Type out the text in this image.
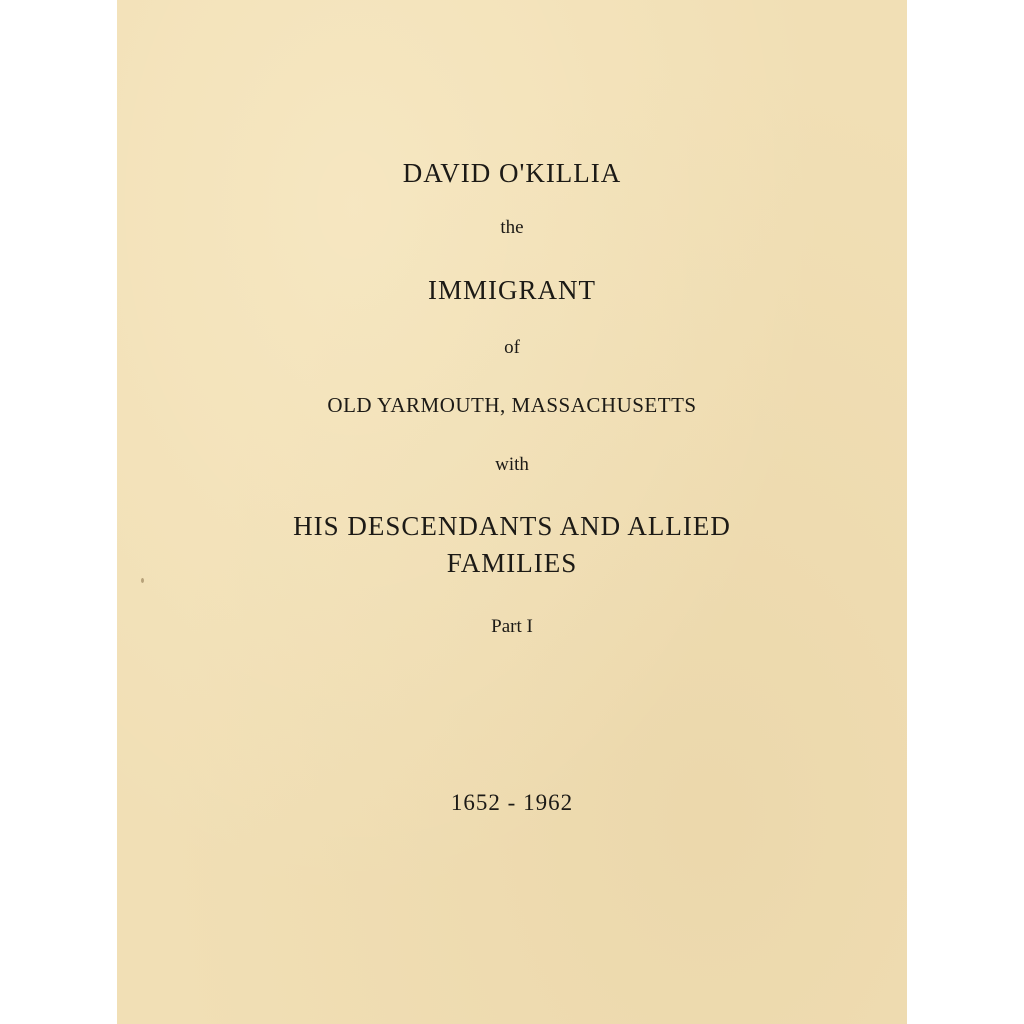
DAVID O'KILLIA
the
IMMIGRANT
of
OLD YARMOUTH, MASSACHUSETTS
with
HIS DESCENDANTS AND ALLIED
FAMILIES
Part I
1652 - 1962
